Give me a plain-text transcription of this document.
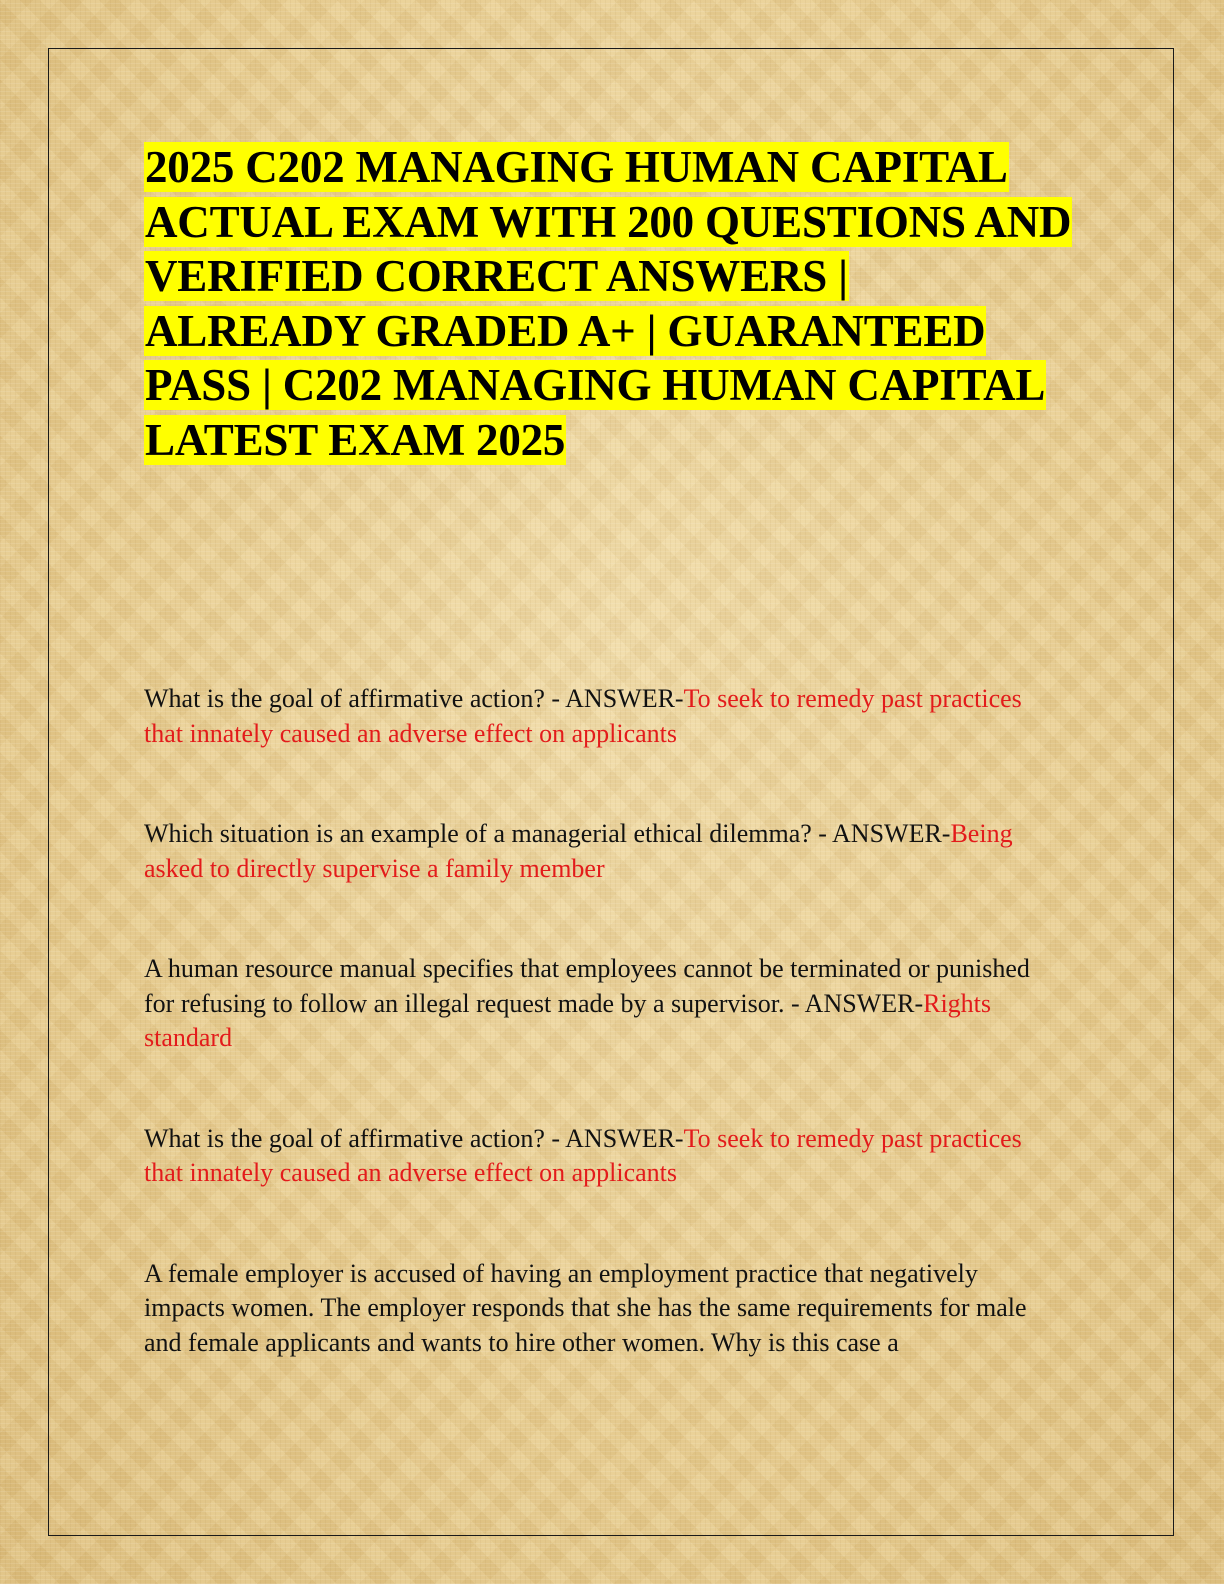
2025 C202 MANAGING HUMAN CAPITAL ACTUAL EXAM WITH 200 QUESTIONS AND VERIFIED CORRECT ANSWERS | ALREADY GRADED A+ | GUARANTEED PASS | C202 MANAGING HUMAN CAPITAL LATEST EXAM 2025

What is the goal of affirmative action? - ANSWER-To seek to remedy past practices that innately caused an adverse effect on applicants

Which situation is an example of a managerial ethical dilemma? - ANSWER-Being asked to directly supervise a family member

A human resource manual specifies that employees cannot be terminated or punished for refusing to follow an illegal request made by a supervisor. - ANSWER-Rights standard

What is the goal of affirmative action? - ANSWER-To seek to remedy past practices that innately caused an adverse effect on applicants

A female employer is accused of having an employment practice that negatively impacts women. The employer responds that she has the same requirements for male and female applicants and wants to hire other women. Why is this case a
